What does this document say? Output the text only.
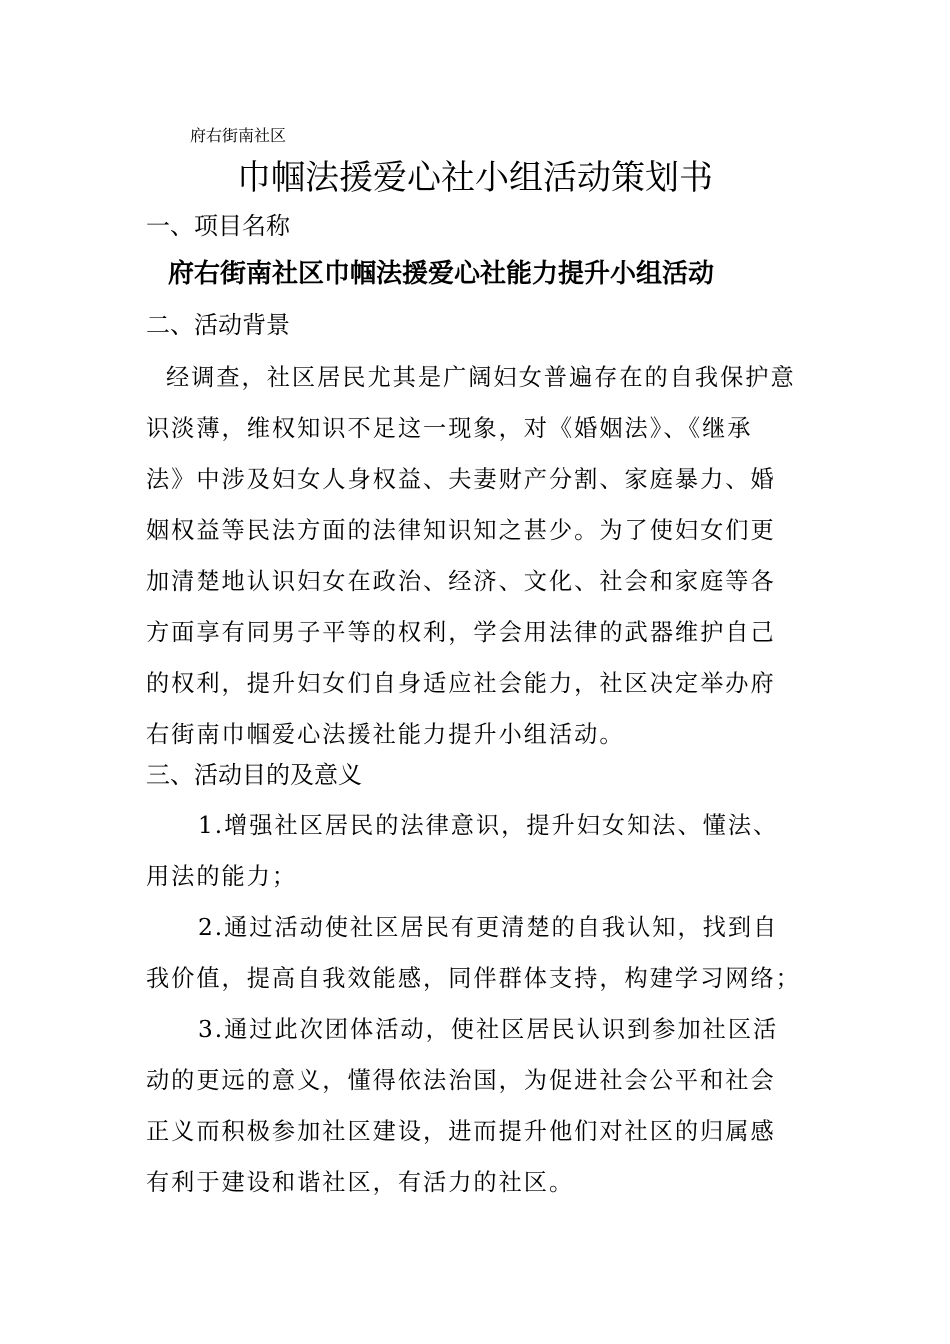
府右街南社区
巾帼法援爱心社小组活动策划书
一、项目名称
府右街南社区巾帼法援爱心社能力提升小组活动
二、活动背景
经调查，社区居民尤其是广阔妇女普遍存在的自我保护意
识淡薄，维权知识不足这一现象，对《婚姻法》、《继承
法》中涉及妇女人身权益、夫妻财产分割、家庭暴力、婚
姻权益等民法方面的法律知识知之甚少。为了使妇女们更
加清楚地认识妇女在政治、经济、文化、社会和家庭等各
方面享有同男子平等的权利，学会用法律的武器维护自己
的权利，提升妇女们自身适应社会能力，社区决定举办府
右街南巾帼爱心法援社能力提升小组活动。
三、活动目的及意义
1.增强社区居民的法律意识，提升妇女知法、懂法、
用法的能力；
2.通过活动使社区居民有更清楚的自我认知，找到自
我价值，提高自我效能感，同伴群体支持，构建学习网络；
3.通过此次团体活动，使社区居民认识到参加社区活
动的更远的意义，懂得依法治国，为促进社会公平和社会
正义而积极参加社区建设，进而提升他们对社区的归属感
有利于建设和谐社区，有活力的社区。
